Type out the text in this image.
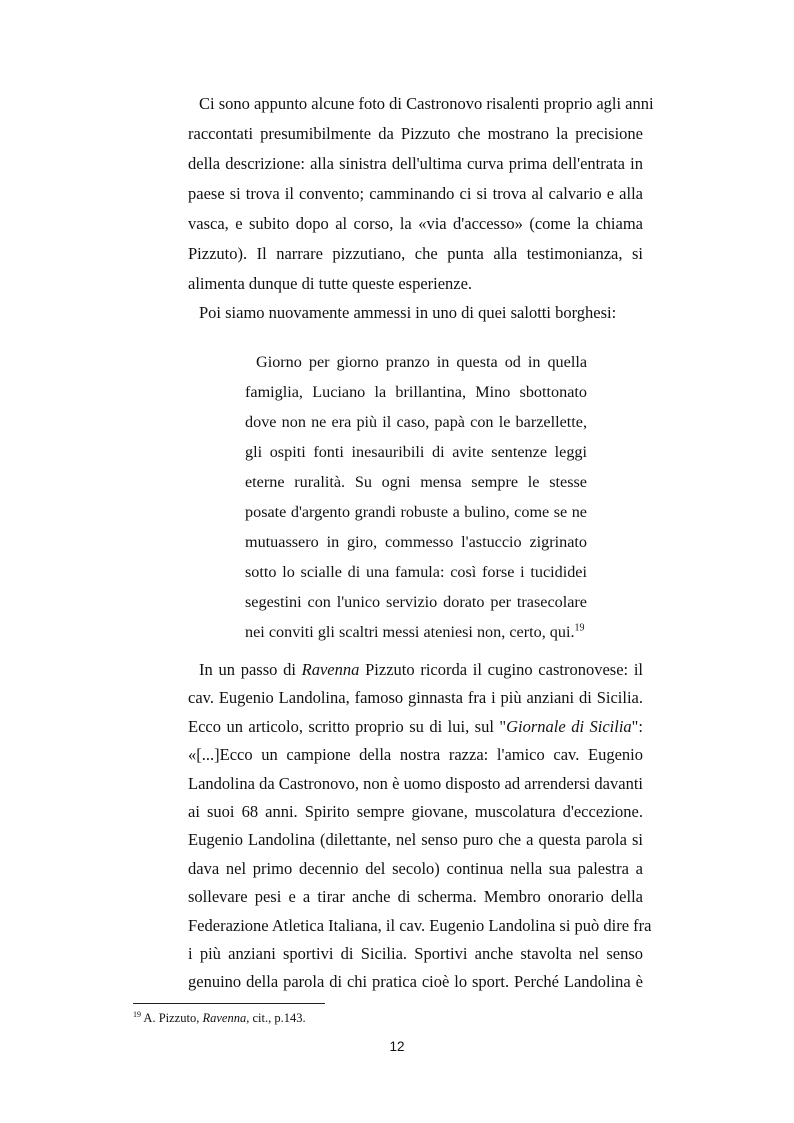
Ci sono appunto alcune foto di Castronovo risalenti proprio agli anni
raccontati presumibilmente da Pizzuto che mostrano la precisione
della descrizione: alla sinistra dell'ultima curva prima dell'entrata in
paese si trova il convento; camminando ci si trova al calvario e alla
vasca, e subito dopo al corso, la «via d'accesso» (come la chiama
Pizzuto). Il narrare pizzutiano, che punta alla testimonianza, si
alimenta dunque di tutte queste esperienze.
Poi siamo nuovamente ammessi in uno di quei salotti borghesi:
Giorno per giorno pranzo in questa od in quella
famiglia, Luciano la brillantina, Mino sbottonato
dove non ne era più il caso, papà con le barzellette,
gli ospiti fonti inesauribili di avite sentenze leggi
eterne ruralità. Su ogni mensa sempre le stesse
posate d'argento grandi robuste a bulino, come se ne
mutuassero in giro, commesso l'astuccio zigrinato
sotto lo scialle di una famula: così forse i tucididei
segestini con l'unico servizio dorato per trasecolare
nei conviti gli scaltri messi ateniesi non, certo, qui.$^{19}$
In un passo di Ravenna Pizzuto ricorda il cugino castronovese: il
cav. Eugenio Landolina, famoso ginnasta fra i più anziani di Sicilia.
Ecco un articolo, scritto proprio su di lui, sul "Giornale di Sicilia":
«[...]Ecco un campione della nostra razza: l'amico cav. Eugenio
Landolina da Castronovo, non è uomo disposto ad arrendersi davanti
ai suoi 68 anni. Spirito sempre giovane, muscolatura d'eccezione.
Eugenio Landolina (dilettante, nel senso puro che a questa parola si
dava nel primo decennio del secolo) continua nella sua palestra a
sollevare pesi e a tirar anche di scherma. Membro onorario della
Federazione Atletica Italiana, il cav. Eugenio Landolina si può dire fra
i più anziani sportivi di Sicilia. Sportivi anche stavolta nel senso
$^{19}$ A. Pizzuto, Ravenna, cit., p.143.
12
genuino della parola di chi pratica cioè lo sport. Perché Landolina è
